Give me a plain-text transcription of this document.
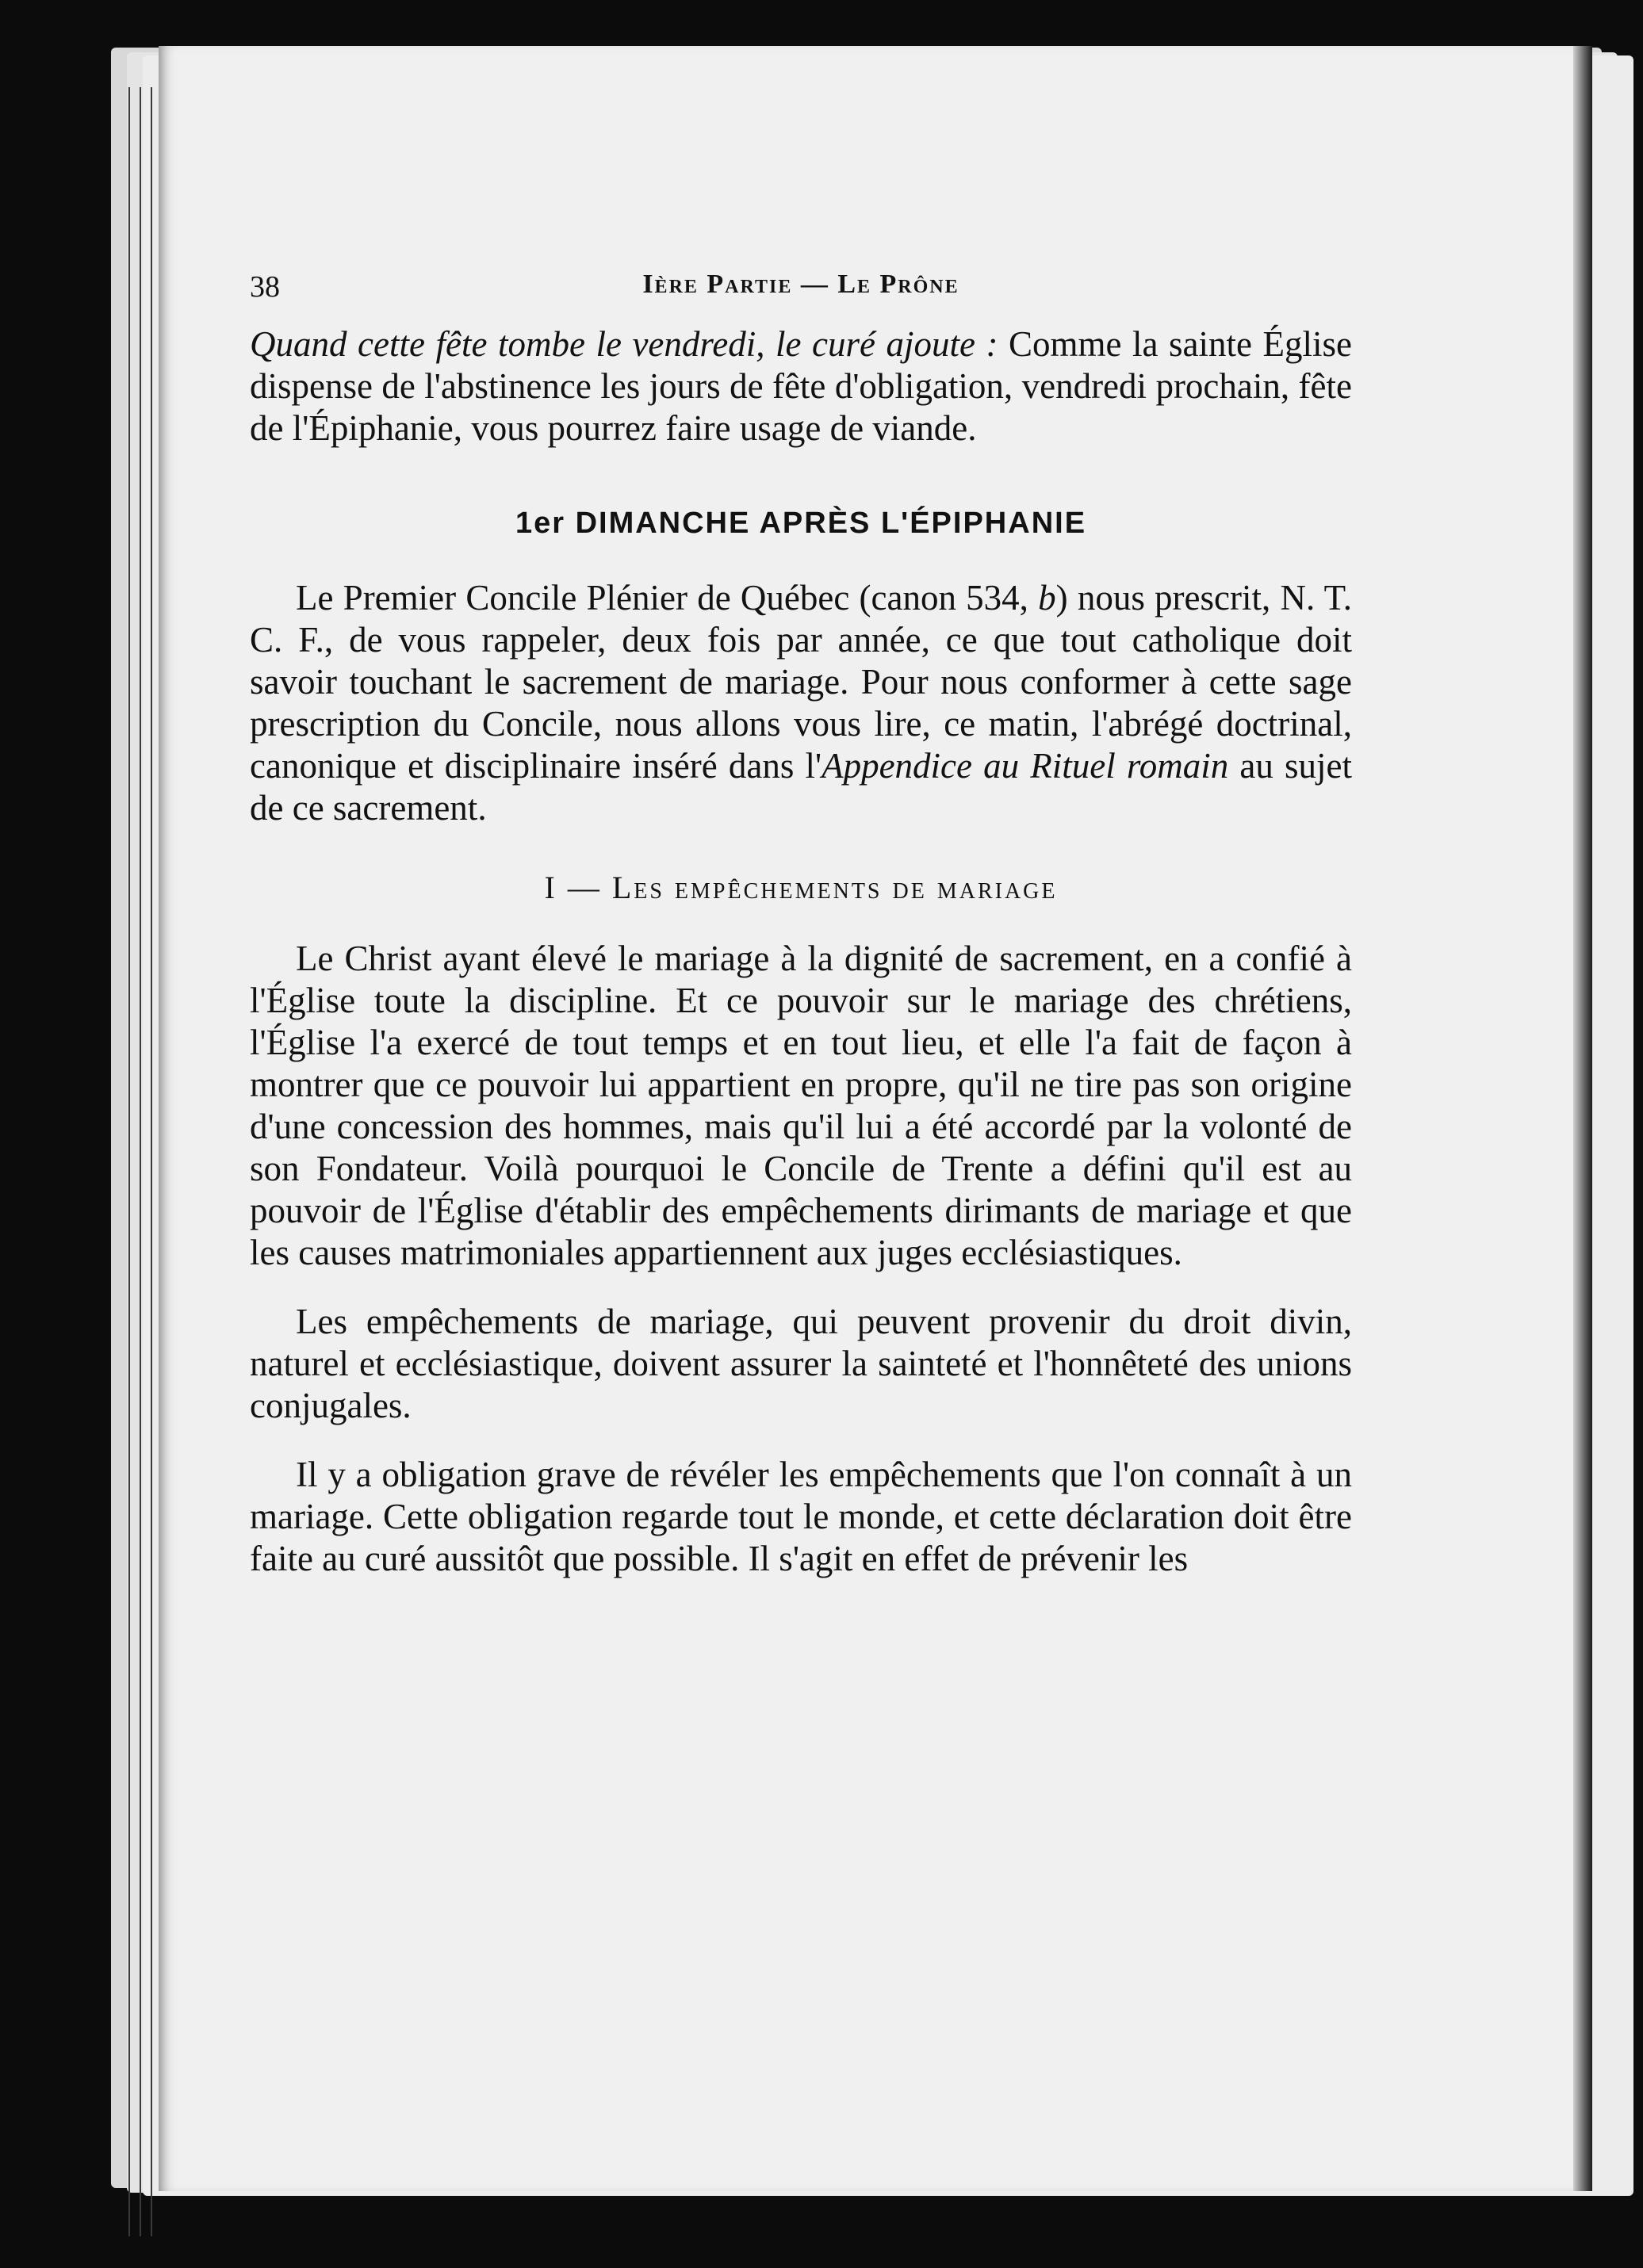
38	Ière Partie — Le Prône

Quand cette fête tombe le vendredi, le curé ajoute : Comme la sainte Église dispense de l'abstinence les jours de fête d'obligation, vendredi prochain, fête de l'Épiphanie, vous pourrez faire usage de viande.

1er DIMANCHE APRÈS L'ÉPIPHANIE

Le Premier Concile Plénier de Québec (canon 534, b) nous prescrit, N. T. C. F., de vous rappeler, deux fois par année, ce que tout catholique doit savoir touchant le sacrement de mariage. Pour nous conformer à cette sage prescription du Concile, nous allons vous lire, ce matin, l'abrégé doctrinal, canonique et disciplinaire inséré dans l'Appendice au Rituel romain au sujet de ce sacrement.

I — Les empêchements de mariage

Le Christ ayant élevé le mariage à la dignité de sacrement, en a confié à l'Église toute la discipline. Et ce pouvoir sur le mariage des chrétiens, l'Église l'a exercé de tout temps et en tout lieu, et elle l'a fait de façon à montrer que ce pouvoir lui appartient en propre, qu'il ne tire pas son origine d'une concession des hommes, mais qu'il lui a été accordé par la volonté de son Fondateur. Voilà pourquoi le Concile de Trente a défini qu'il est au pouvoir de l'Église d'établir des empêchements dirimants de mariage et que les causes matrimoniales appartiennent aux juges ecclésiastiques.

Les empêchements de mariage, qui peuvent provenir du droit divin, naturel et ecclésiastique, doivent assurer la sainteté et l'honnêteté des unions conjugales.

Il y a obligation grave de révéler les empêchements que l'on connaît à un mariage. Cette obligation regarde tout le monde, et cette déclaration doit être faite au curé aussitôt que possible. Il s'agit en effet de prévenir les
